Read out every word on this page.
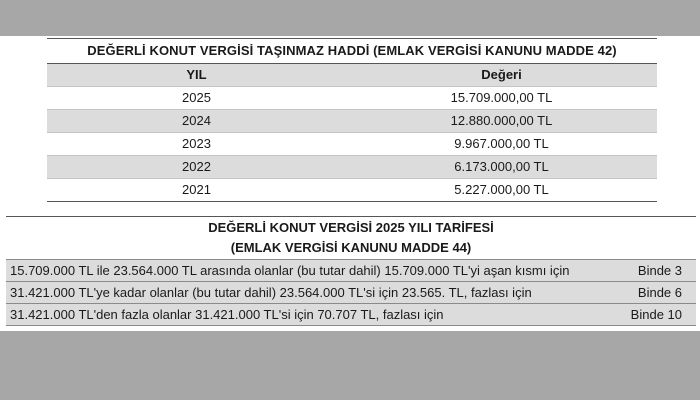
DEĞERLİ KONUT VERGİSİ TAŞINMAZ HADDİ (EMLAK VERGİSİ KANUNU MADDE 42)
YIL	Değeri
2025	15.709.000,00 TL
2024	12.880.000,00 TL
2023	9.967.000,00 TL
2022	6.173.000,00 TL
2021	5.227.000,00 TL
DEĞERLİ KONUT VERGİSİ 2025 YILI TARİFESİ
(EMLAK VERGİSİ KANUNU MADDE 44)
15.709.000 TL ile 23.564.000 TL arasında olanlar (bu tutar dahil) 15.709.000 TL'yi aşan kısmı için	Binde 3
31.421.000 TL'ye kadar olanlar (bu tutar dahil) 23.564.000 TL'si için 23.565. TL, fazlası için	Binde 6
31.421.000 TL'den fazla olanlar 31.421.000 TL'si için 70.707 TL, fazlası için	Binde 10
